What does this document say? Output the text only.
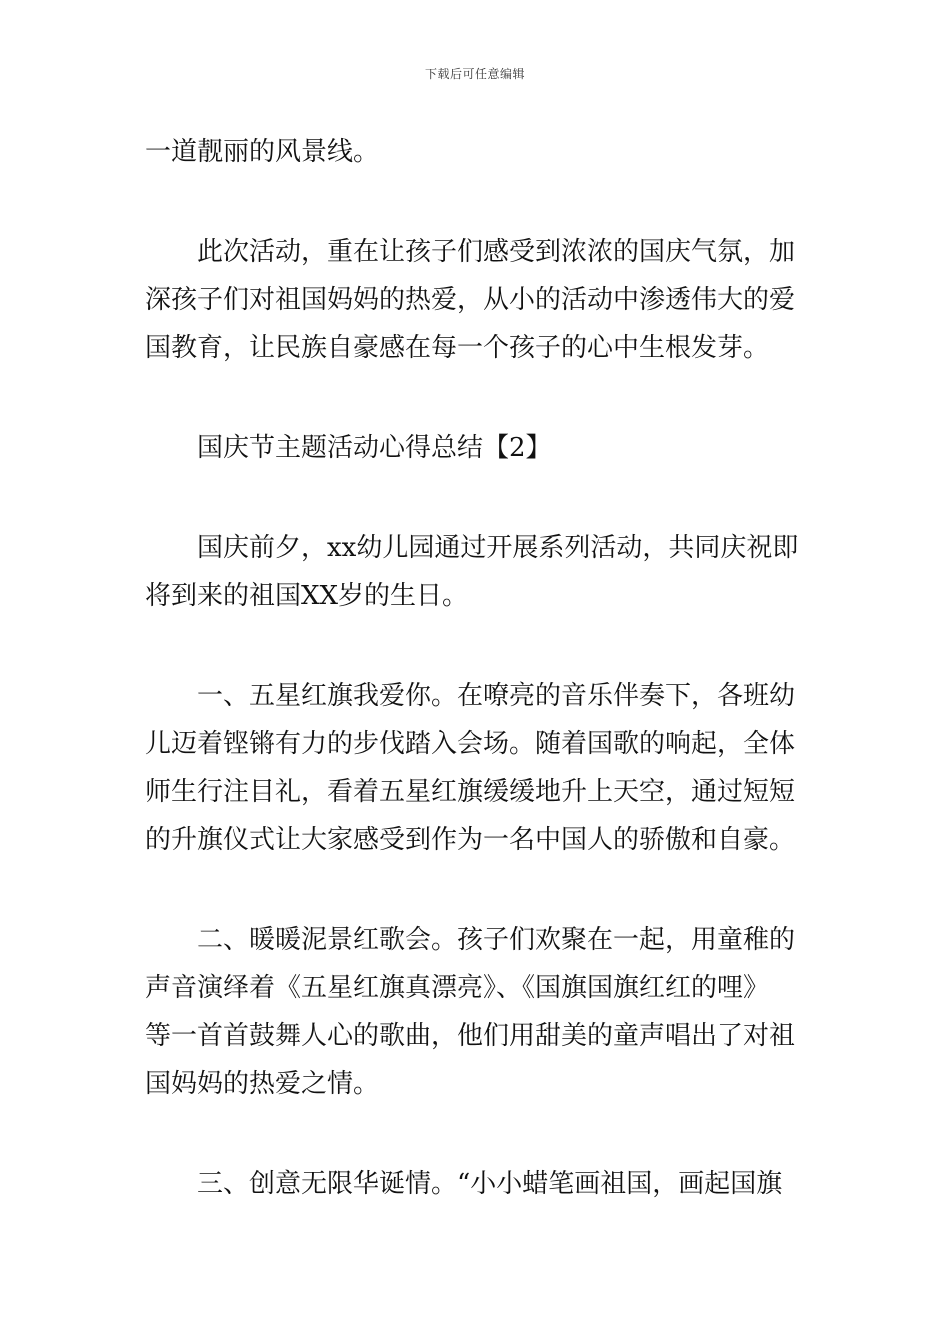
下载后可任意编辑

一道靓丽的风景线。

此次活动，重在让孩子们感受到浓浓的国庆气氛，加
深孩子们对祖国妈妈的热爱，从小的活动中渗透伟大的爱
国教育，让民族自豪感在每一个孩子的心中生根发芽。

国庆节主题活动心得总结【2】

国庆前夕，xx幼儿园通过开展系列活动，共同庆祝即
将到来的祖国XX岁的生日。

一、五星红旗我爱你。在嘹亮的音乐伴奏下，各班幼
儿迈着铿锵有力的步伐踏入会场。随着国歌的响起，全体
师生行注目礼，看着五星红旗缓缓地升上天空，通过短短
的升旗仪式让大家感受到作为一名中国人的骄傲和自豪。

二、暖暖泥景红歌会。孩子们欢聚在一起，用童稚的
声音演绎着《五星红旗真漂亮》、《国旗国旗红红的哩》
等一首首鼓舞人心的歌曲，他们用甜美的童声唱出了对祖
国妈妈的热爱之情。

三、创意无限华诞情。“小小蜡笔画祖国，画起国旗
